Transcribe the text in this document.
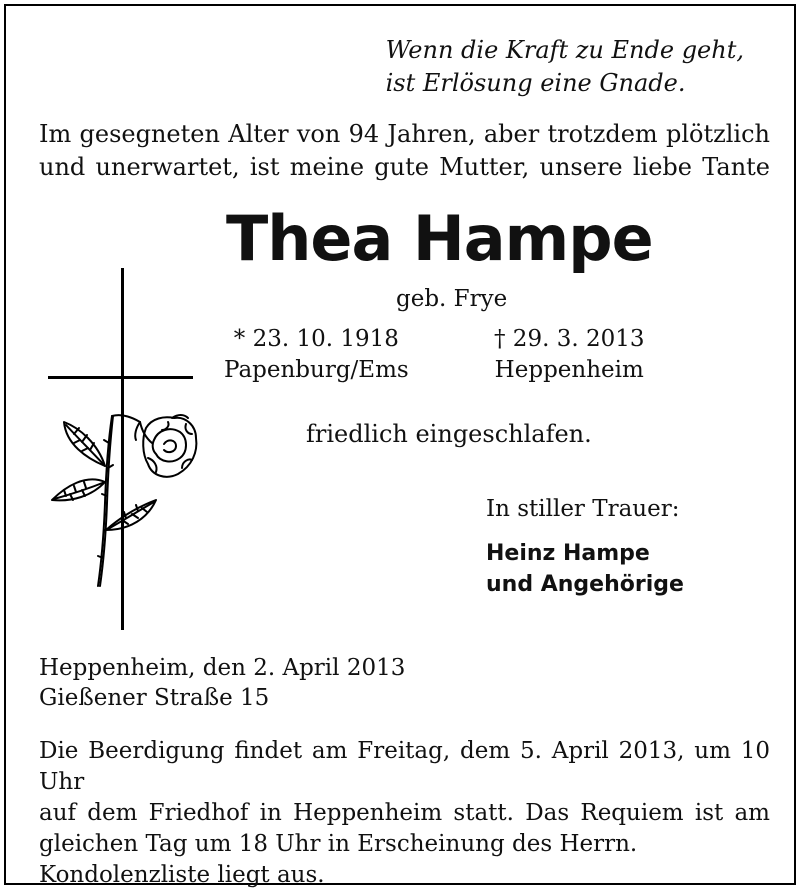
Wenn die Kraft zu Ende geht,
ist Erlösung eine Gnade.
Im gesegneten Alter von 94 Jahren, aber trotzdem plötzlich
und unerwartet, ist meine gute Mutter, unsere liebe Tante
Thea Hampe
geb. Frye
* 23. 10. 1918
Papenburg/Ems
† 29. 3. 2013
Heppenheim
friedlich eingeschlafen.
In stiller Trauer:
Heinz Hampe
und Angehörige
Heppenheim, den 2. April 2013
Gießener Straße 15
Die Beerdigung findet am Freitag, dem 5. April 2013, um 10 Uhr
auf dem Friedhof in Heppenheim statt. Das Requiem ist am
gleichen Tag um 18 Uhr in Erscheinung des Herrn.
Kondolenzliste liegt aus.
